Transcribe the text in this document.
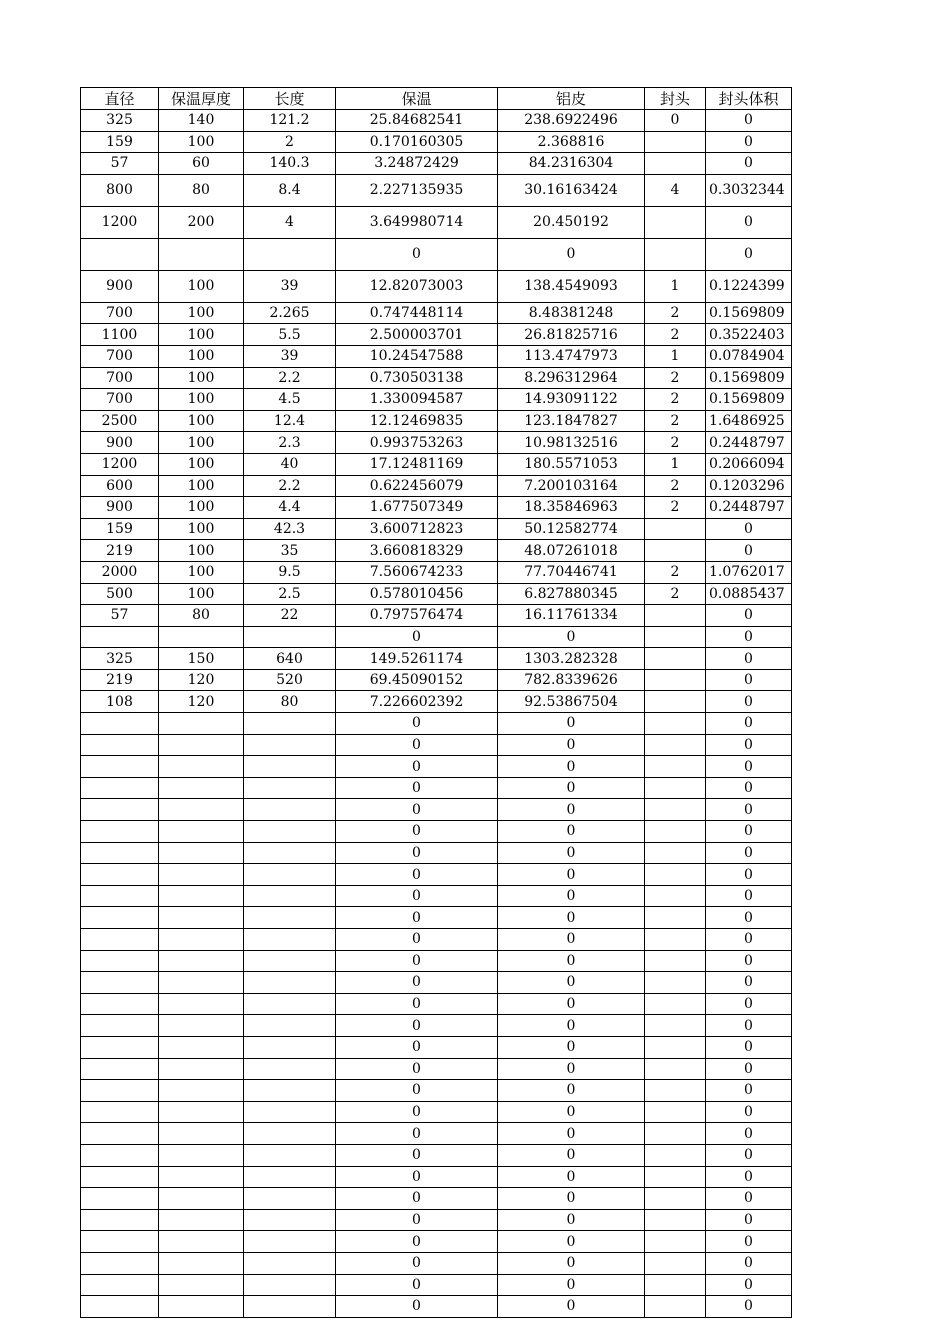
直径	保温厚度	长度	保温	铝皮	封头	封头体积
325	140	121.2	25.84682541	238.6922496	0	0
159	100	2	0.170160305	2.368816		0
57	60	140.3	3.24872429	84.2316304		0
800	80	8.4	2.227135935	30.16163424	4	0.3032344
1200	200	4	3.649980714	20.450192		0
			0	0		0
900	100	39	12.82073003	138.4549093	1	0.1224399
700	100	2.265	0.747448114	8.48381248	2	0.1569809
1100	100	5.5	2.500003701	26.81825716	2	0.3522403
700	100	39	10.24547588	113.4747973	1	0.0784904
700	100	2.2	0.730503138	8.296312964	2	0.1569809
700	100	4.5	1.330094587	14.93091122	2	0.1569809
2500	100	12.4	12.12469835	123.1847827	2	1.6486925
900	100	2.3	0.993753263	10.98132516	2	0.2448797
1200	100	40	17.12481169	180.5571053	1	0.2066094
600	100	2.2	0.622456079	7.200103164	2	0.1203296
900	100	4.4	1.677507349	18.35846963	2	0.2448797
159	100	42.3	3.600712823	50.12582774		0
219	100	35	3.660818329	48.07261018		0
2000	100	9.5	7.560674233	77.70446741	2	1.0762017
500	100	2.5	0.578010456	6.827880345	2	0.0885437
57	80	22	0.797576474	16.11761334		0
			0	0		0
325	150	640	149.5261174	1303.282328		0
219	120	520	69.45090152	782.8339626		0
108	120	80	7.226602392	92.53867504		0
			0	0		0
			0	0		0
			0	0		0
			0	0		0
			0	0		0
			0	0		0
			0	0		0
			0	0		0
			0	0		0
			0	0		0
			0	0		0
			0	0		0
			0	0		0
			0	0		0
			0	0		0
			0	0		0
			0	0		0
			0	0		0
			0	0		0
			0	0		0
			0	0		0
			0	0		0
			0	0		0
			0	0		0
			0	0		0
			0	0		0
			0	0		0
			0	0		0
